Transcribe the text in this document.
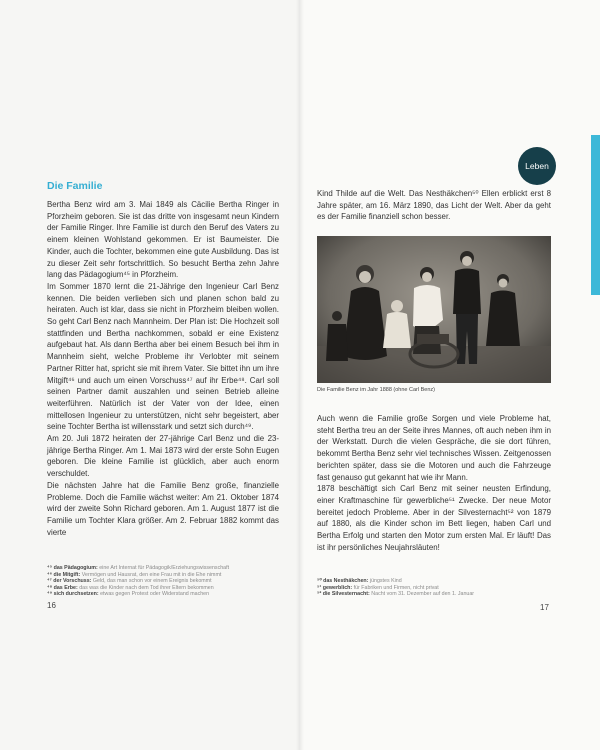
Leben
Die Familie

Bertha Benz wird am 3. Mai 1849 als Cäcilie Bertha Ringer in Pforzheim geboren. Sie ist das dritte von insgesamt neun Kindern der Familie Ringer. Ihre Familie ist durch den Beruf des Vaters zu einem kleinen Wohlstand gekommen. Er ist Baumeister. Die Kinder, auch die Tochter, bekommen eine gute Ausbildung. Das ist zu dieser Zeit sehr fortschrittlich. So besucht Bertha zehn Jahre lang das Pädagogium⁴⁵ in Pforzheim.

Im Sommer 1870 lernt die 21-Jährige den Ingenieur Carl Benz kennen. Die beiden verlieben sich und planen schon bald zu heiraten. Auch ist klar, dass sie nicht in Pforzheim bleiben wollen. So geht Carl Benz nach Mannheim. Der Plan ist: Die Hochzeit soll stattfinden und Bertha nachkommen, sobald er eine Existenz aufgebaut hat. Als dann Bertha aber bei einem Besuch bei ihm in Mannheim sieht, welche Probleme ihr Verlobter mit seinem Partner Ritter hat, spricht sie mit ihrem Vater. Sie bittet ihn um ihre Mitgift⁴⁶ und auch um einen Vorschuss⁴⁷ auf ihr Erbe⁴⁸. Carl soll seinen Partner damit auszahlen und seinen Betrieb alleine weiterführen. Natürlich ist der Vater von der Idee, einen mittellosen Ingenieur zu unterstützen, nicht sehr begeistert, aber seine Tochter Bertha ist willensstark und setzt sich durch⁴⁹.

Am 20. Juli 1872 heiraten der 27-jährige Carl Benz und die 23-jährige Bertha Ringer. Am 1. Mai 1873 wird der erste Sohn Eugen geboren. Die kleine Familie ist glücklich, aber auch enorm verschuldet.

Die nächsten Jahre hat die Familie Benz große, finanzielle Probleme. Doch die Familie wächst weiter: Am 21. Oktober 1874 wird der zweite Sohn Richard geboren. Am 1. August 1877 ist die Familie um Tochter Klara größer. Am 2. Februar 1882 kommt das vierte

⁴⁵ das Pädagogium: eine Art Internat für Pädagogik/Erziehungswissenschaft
⁴⁶ die Mitgift: Vermögen und Hausrat, den eine Frau mit in die Ehe nimmt
⁴⁷ der Vorschuss: Geld, das man schon vor einem Ereignis bekommt
⁴⁸ das Erbe: das was die Kinder nach dem Tod ihrer Eltern bekommen
⁴⁹ sich durchsetzen: etwas gegen Protest oder Widerstand machen
16

Kind Thilde auf die Welt. Das Nesthäkchen⁵⁰ Ellen erblickt erst 8 Jahre später, am 16. März 1890, das Licht der Welt. Aber da geht es der Familie finanziell schon besser.

Die Familie Benz im Jahr 1888 (ohne Carl Benz)

Auch wenn die Familie große Sorgen und viele Probleme hat, steht Bertha treu an der Seite ihres Mannes, oft auch neben ihm in der Werkstatt. Durch die vielen Gespräche, die sie dort führen, bekommt Bertha Benz sehr viel technisches Wissen. Zeitgenossen berichten später, dass sie die Motoren und auch die Fahrzeuge fast genauso gut gekannt hat wie ihr Mann.

1878 beschäftigt sich Carl Benz mit seiner neusten Erfindung, einer Kraftmaschine für gewerbliche⁵¹ Zwecke. Der neue Motor bereitet jedoch Probleme. Aber in der Silvesternacht⁵² von 1879 auf 1880, als die Kinder schon im Bett liegen, haben Carl und Bertha Erfolg und starten den Motor zum ersten Mal. Er läuft! Das ist ihr persönliches Neujahrsläuten!

⁵⁰ das Nesthäkchen: jüngstes Kind
⁵¹ gewerblich: für Fabriken und Firmen, nicht privat
⁵² die Silvesternacht: Nacht vom 31. Dezember auf den 1. Januar
17
